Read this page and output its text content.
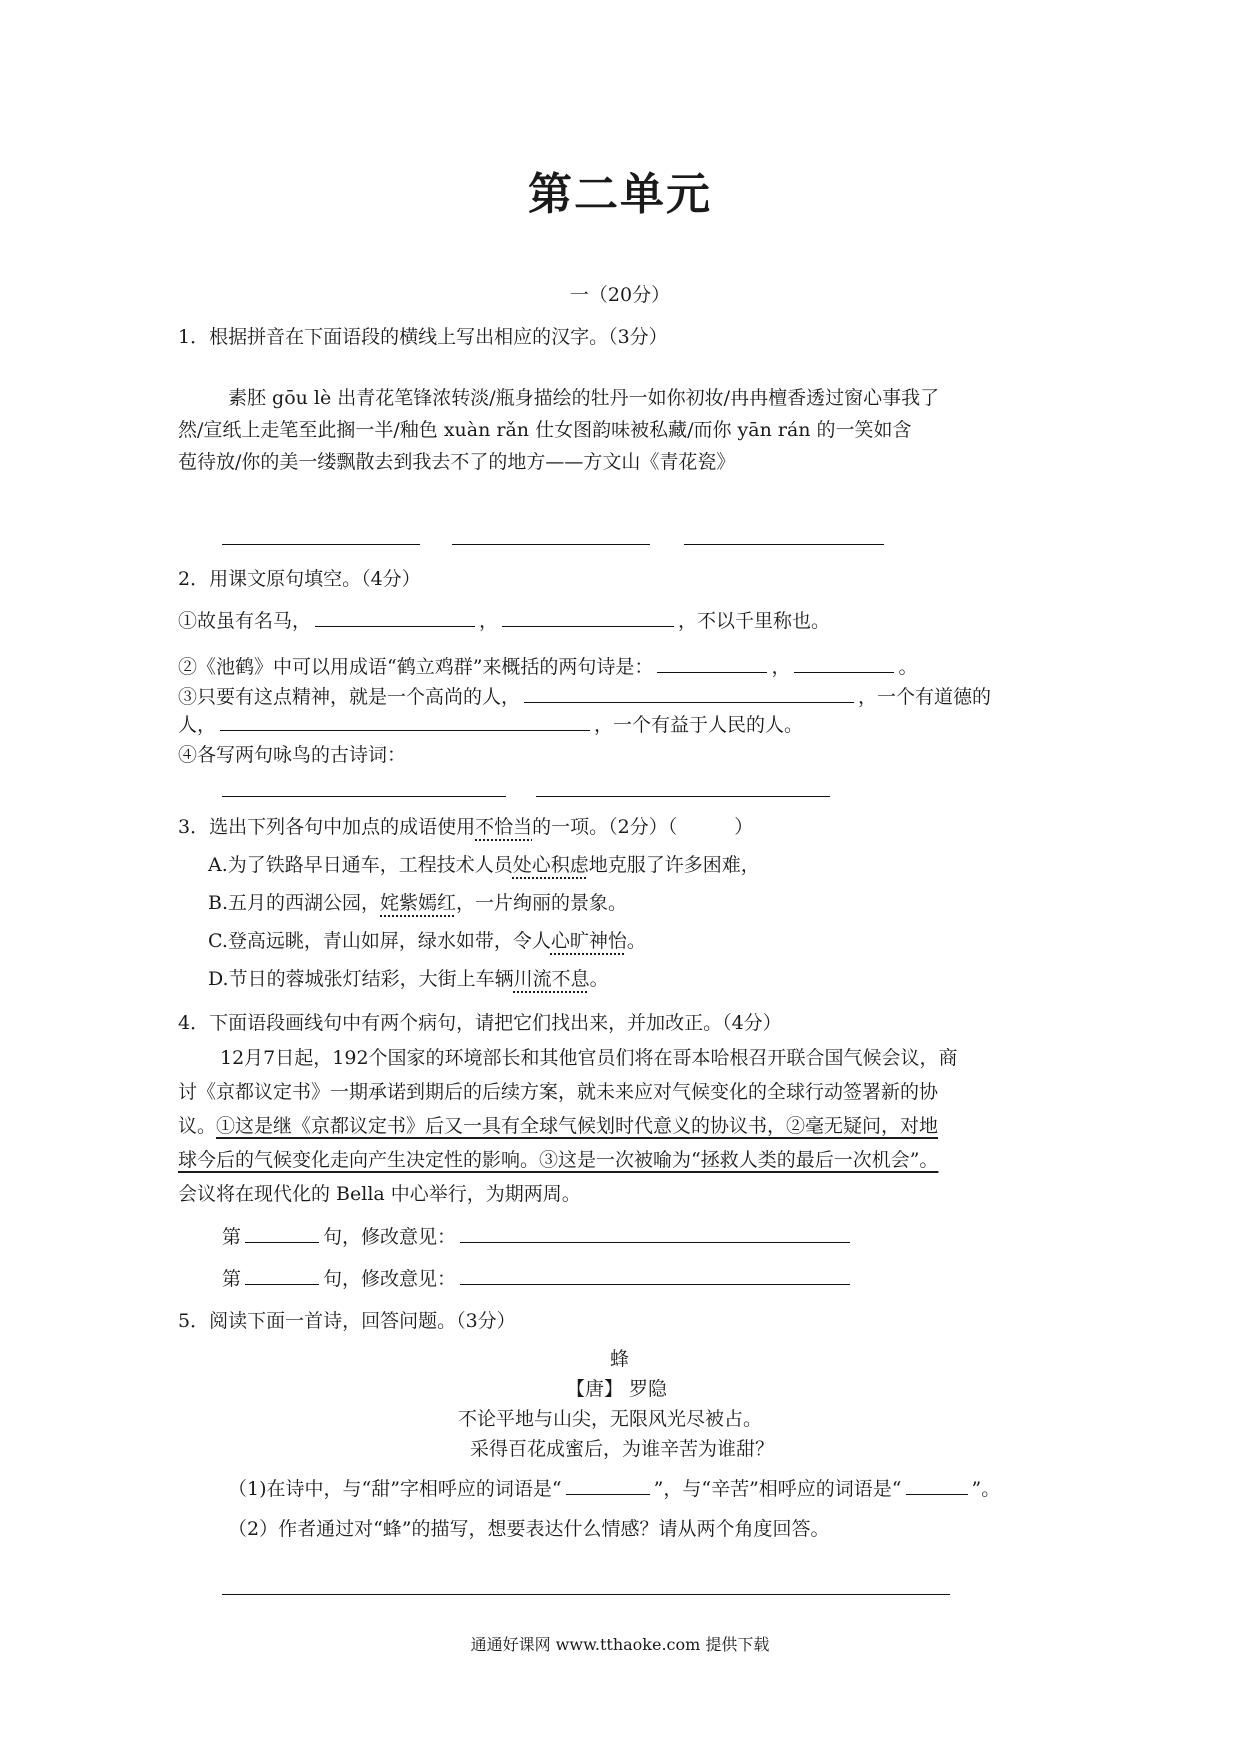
第二单元
一（20分）
1．根据拼音在下面语段的横线上写出相应的汉字。（3分）
素胚 gōu lè 出青花笔锋浓转淡/瓶身描绘的牡丹一如你初妆/冉冉檀香透过窗心事我了
然/宣纸上走笔至此搁一半/釉色 xuàn rǎn 仕女图韵味被私藏/而你 yān rán 的一笑如含
苞待放/你的美一缕飘散去到我去不了的地方——方文山《青花瓷》
2．用课文原句填空。（4分）
①故虽有名马，	，	，不以千里称也。
②《池鹤》中可以用成语“鹤立鸡群”来概括的两句诗是：	，	。
③只要有这点精神，就是一个高尚的人，	，一个有道德的
人，	，一个有益于人民的人。
④各写两句咏鸟的古诗词：
3．选出下列各句中加点的成语使用不恰当的一项。（2分）（　　　）
A.为了铁路早日通车，工程技术人员处心积虑地克服了许多困难，
B.五月的西湖公园，姹紫嫣红，一片绚丽的景象。
C.登高远眺，青山如屏，绿水如带，令人心旷神怡。
D.节日的蓉城张灯结彩，大街上车辆川流不息。
4．下面语段画线句中有两个病句，请把它们找出来，并加改正。（4分）
12月7日起，192个国家的环境部长和其他官员们将在哥本哈根召开联合国气候会议，商
讨《京都议定书》一期承诺到期后的后续方案，就未来应对气候变化的全球行动签署新的协
议。①这是继《京都议定书》后又一具有全球气候划时代意义的协议书，②毫无疑问，对地
球今后的气候变化走向产生决定性的影响。③这是一次被喻为“拯救人类的最后一次机会”。
会议将在现代化的 Bella 中心举行，为期两周。
第	句，修改意见：
第	句，修改意见：
5．阅读下面一首诗，回答问题。（3分）
蜂
【唐】 罗隐
不论平地与山尖，无限风光尽被占。
采得百花成蜜后，为谁辛苦为谁甜？
（1)在诗中，与“甜”字相呼应的词语是“	”，与“辛苦”相呼应的词语是“	”。
（2）作者通过对“蜂”的描写，想要表达什么情感？请从两个角度回答。
通通好课网 www.tthaoke.com 提供下载
